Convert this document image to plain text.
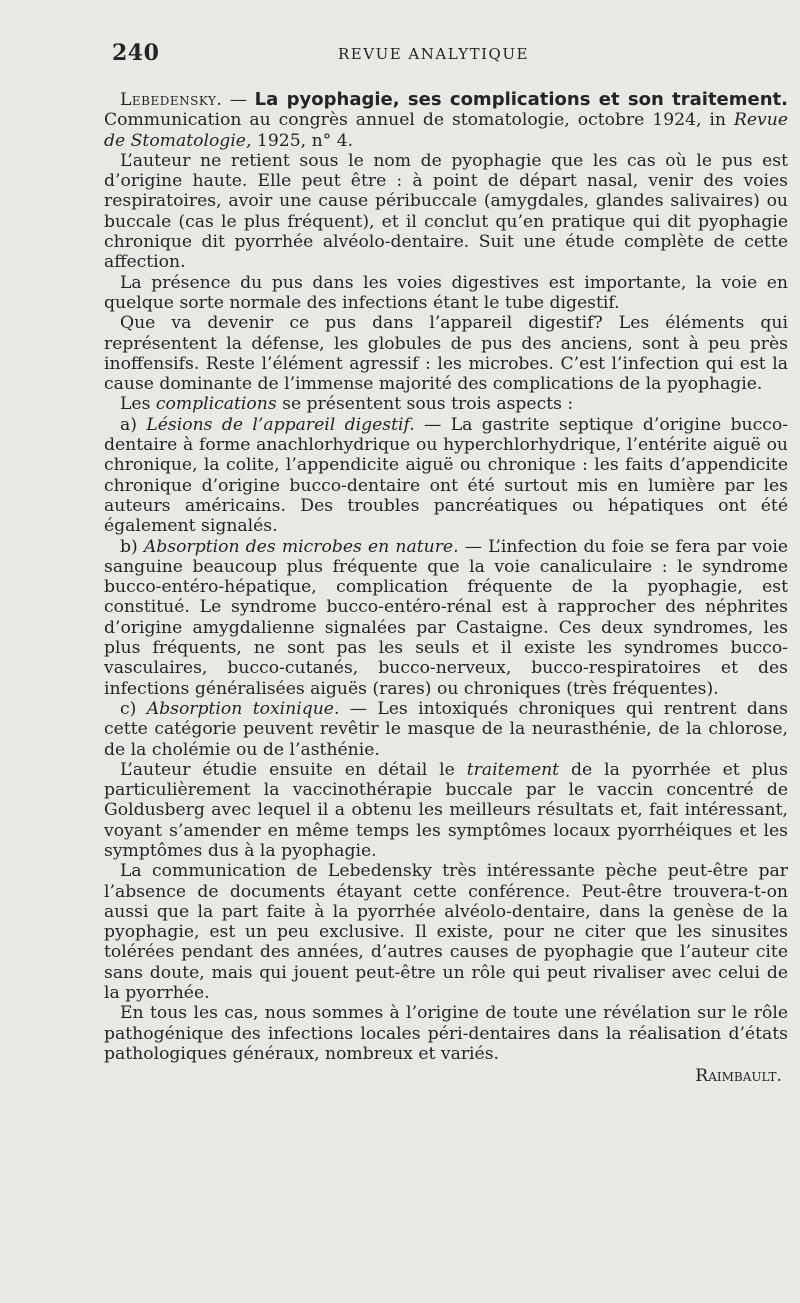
240	REVUE ANALYTIQUE

Lebedensky. — La pyophagie, ses complications et son traitement. Communication au congrès annuel de stomatologie, octobre 1924, in Revue de Stomatologie, 1925, n° 4.

L’auteur ne retient sous le nom de pyophagie que les cas où le pus est d’origine haute. Elle peut être : à point de départ nasal, venir des voies respiratoires, avoir une cause péribuccale (amygdales, glandes salivaires) ou buccale (cas le plus fréquent), et il conclut qu’en pratique qui dit pyophagie chronique dit pyorrhée alvéolo-dentaire. Suit une étude complète de cette affection.

La présence du pus dans les voies digestives est importante, la voie en quelque sorte normale des infections étant le tube digestif.

Que va devenir ce pus dans l’appareil digestif? Les éléments qui représentent la défense, les globules de pus des anciens, sont à peu près inoffensifs. Reste l’élément agressif : les microbes. C’est l’infection qui est la cause dominante de l’immense majorité des complications de la pyophagie.

Les complications se présentent sous trois aspects :

a) Lésions de l’appareil digestif. — La gastrite septique d’origine bucco-dentaire à forme anachlorhydrique ou hyperchlorhydrique, l’entérite aiguë ou chronique, la colite, l’appendicite aiguë ou chronique : les faits d’appendicite chronique d’origine bucco-dentaire ont été surtout mis en lumière par les auteurs américains. Des troubles pancréatiques ou hépatiques ont été également signalés.

b) Absorption des microbes en nature. — L’infection du foie se fera par voie sanguine beaucoup plus fréquente que la voie canaliculaire : le syndrome bucco-entéro-hépatique, complication fréquente de la pyophagie, est constitué. Le syndrome bucco-entéro-rénal est à rapprocher des néphrites d’origine amygdalienne signalées par Castaigne. Ces deux syndromes, les plus fréquents, ne sont pas les seuls et il existe les syndromes bucco-vasculaires, bucco-cutanés, bucco-nerveux, bucco-respiratoires et des infections généralisées aiguës (rares) ou chroniques (très fréquentes).

c) Absorption toxinique. — Les intoxiqués chroniques qui rentrent dans cette catégorie peuvent revêtir le masque de la neurasthénie, de la chlorose, de la cholémie ou de l’asthénie.

L’auteur étudie ensuite en détail le traitement de la pyorrhée et plus particulièrement la vaccinothérapie buccale par le vaccin concentré de Goldusberg avec lequel il a obtenu les meilleurs résultats et, fait intéressant, voyant s’amender en même temps les symptômes locaux pyorrhéiques et les symptômes dus à la pyophagie.

La communication de Lebedensky très intéressante pèche peut-être par l’absence de documents étayant cette conférence. Peut-être trouvera-t-on aussi que la part faite à la pyorrhée alvéolo-dentaire, dans la genèse de la pyophagie, est un peu exclusive. Il existe, pour ne citer que les sinusites tolérées pendant des années, d’autres causes de pyophagie que l’auteur cite sans doute, mais qui jouent peut-être un rôle qui peut rivaliser avec celui de la pyorrhée.

En tous les cas, nous sommes à l’origine de toute une révélation sur le rôle pathogénique des infections locales péri-dentaires dans la réalisation d’états pathologiques généraux, nombreux et variés.

Raimbault.
